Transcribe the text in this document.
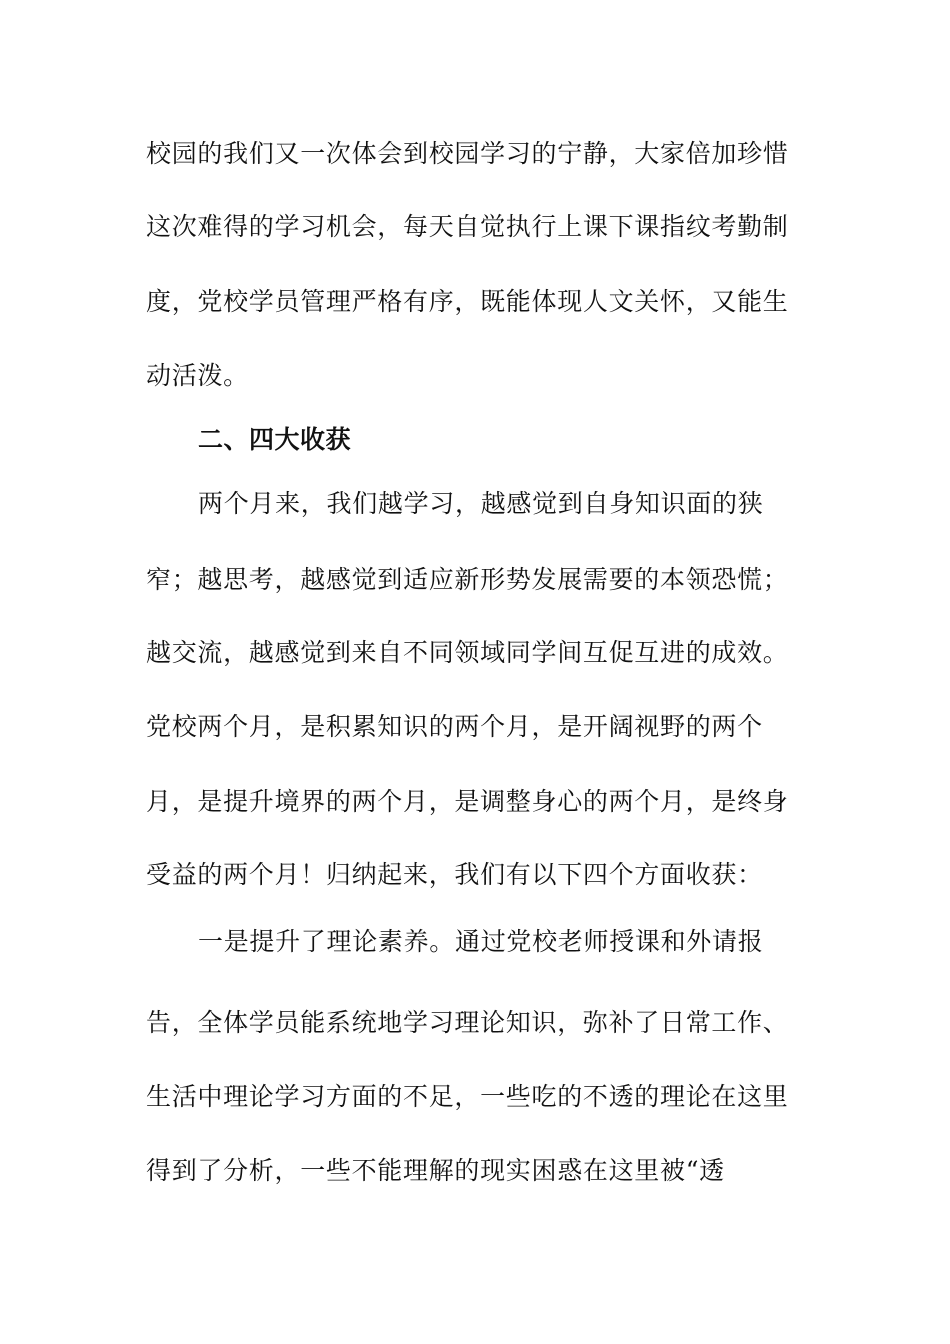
校园的我们又一次体会到校园学习的宁静，大家倍加珍惜
这次难得的学习机会，每天自觉执行上课下课指纹考勤制
度，党校学员管理严格有序，既能体现人文关怀，又能生
动活泼。
二、四大收获
两个月来，我们越学习，越感觉到自身知识面的狭
窄；越思考，越感觉到适应新形势发展需要的本领恐慌；
越交流，越感觉到来自不同领域同学间互促互进的成效。
党校两个月，是积累知识的两个月，是开阔视野的两个
月，是提升境界的两个月，是调整身心的两个月，是终身
受益的两个月！归纳起来，我们有以下四个方面收获：
一是提升了理论素养。通过党校老师授课和外请报
告，全体学员能系统地学习理论知识，弥补了日常工作、
生活中理论学习方面的不足，一些吃的不透的理论在这里
得到了分析，一些不能理解的现实困惑在这里被“透
